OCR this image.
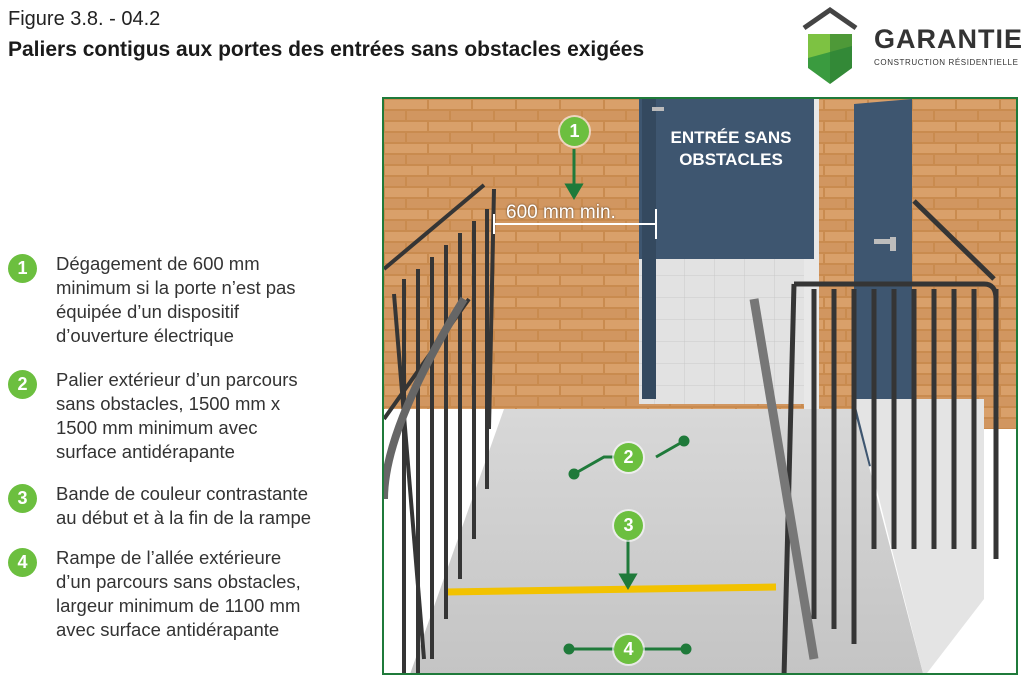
Figure 3.8. - 04.2
Paliers contigus aux portes des entrées sans obstacles exigées	GARANTIE
CONSTRUCTION RÉSIDENTIELLE
1	Dégagement de 600 mm
minimum si la porte n’est pas
équipée d’un dispositif
d’ouverture électrique
2	Palier extérieur d’un parcours
sans obstacles, 1500 mm x
1500 mm minimum avec
surface antidérapante
3	Bande de couleur contrastante
au début et à la fin de la rampe
4	Rampe de l’allée extérieure
d’un parcours sans obstacles,
largeur minimum de 1100 mm
avec surface antidérapante
ENTRÉE SANS
OBSTACLES
600 mm min.
1
2
3
4
